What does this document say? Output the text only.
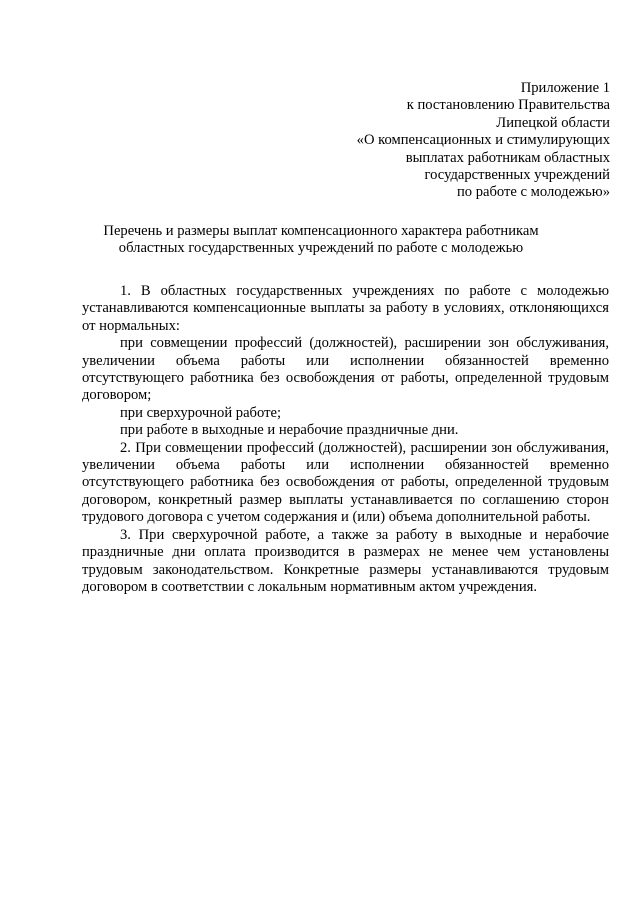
Приложение 1
к постановлению Правительства
Липецкой области
«О компенсационных и стимулирующих
выплатах работникам областных
государственных учреждений
по работе с молодежью»
Перечень и размеры выплат компенсационного характера работникам
областных государственных учреждений по работе с молодежью

1. В областных государственных учреждениях по работе с молодежью устанавливаются компенсационные выплаты за работу в условиях, отклоняющихся от нормальных:

при совмещении профессий (должностей), расширении зон обслуживания, увеличении объема работы или исполнении обязанностей временно отсутствующего работника без освобождения от работы, определенной трудовым договором;

при сверхурочной работе;

при работе в выходные и нерабочие праздничные дни.

2. При совмещении профессий (должностей), расширении зон обслуживания, увеличении объема работы или исполнении обязанностей временно отсутствующего работника без освобождения от работы, определенной трудовым договором, конкретный размер выплаты устанавливается по соглашению сторон трудового договора с учетом содержания и (или) объема дополнительной работы.

3. При сверхурочной работе, а также за работу в выходные и нерабочие праздничные дни оплата производится в размерах не менее чем установлены трудовым законодательством. Конкретные размеры устанавливаются трудовым договором в соответствии с локальным нормативным актом учреждения.
